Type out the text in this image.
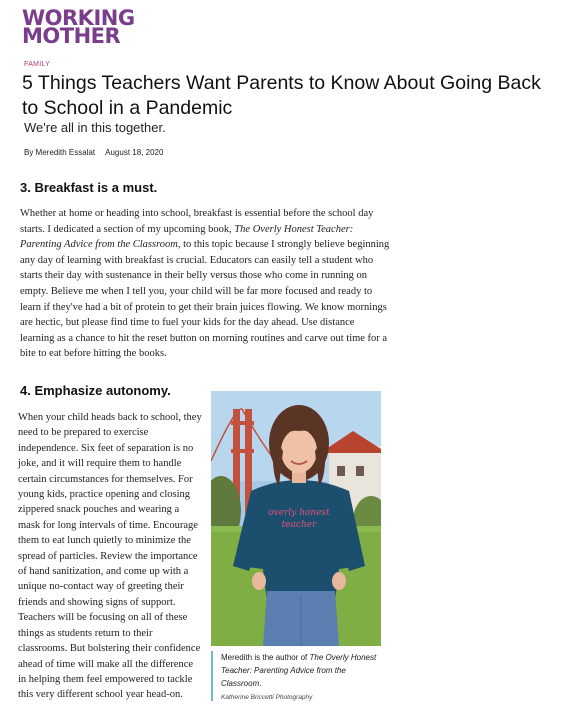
WORKING
MOTHER
FAMILY
5 Things Teachers Want Parents to Know About Going Back to School in a Pandemic
We're all in this together.
By Meredith Essalat August 18, 2020
3. Breakfast is a must.

Whether at home or heading into school, breakfast is essential before the school day starts. I dedicated a section of my upcoming book, The Overly Honest Teacher: Parenting Advice from the Classroom, to this topic because I strongly believe beginning any day of learning with breakfast is crucial. Educators can easily tell a student who starts their day with sustenance in their belly versus those who come in running on empty. Believe me when I tell you, your child will be far more focused and ready to learn if they've had a bit of protein to get their brain juices flowing. We know mornings are hectic, but please find time to fuel your kids for the day ahead. Use distance learning as a chance to hit the reset button on morning routines and carve out time for a bite to eat before hitting the books.

4. Emphasize autonomy.

When your child heads back to school, they need to be prepared to exercise independence. Six feet of separation is no joke, and it will require them to handle certain circumstances for themselves. For young kids, practice opening and closing zippered snack pouches and wearing a mask for long intervals of time. Encourage them to eat lunch quietly to minimize the spread of particles. Review the importance of hand sanitization, and come up with a unique no-contact way of greeting their friends and showing signs of support. Teachers will be focusing on all of these things as students return to their classrooms. But bolstering their confidence ahead of time will make all the difference in helping them feel empowered to tackle this very different school year head-on.

overly honest
teacher
Meredith is the author of The Overly Honest Teacher: Parenting Advice from the Classroom.
Katherine Briccetti Photography
